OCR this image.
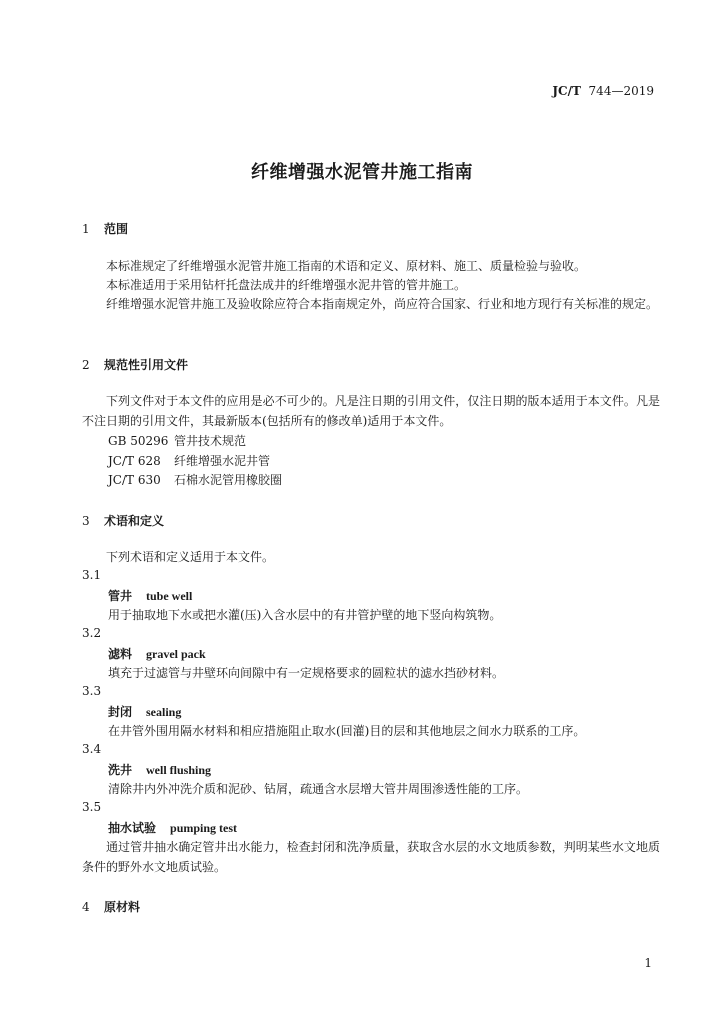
JC/T 744—2019
纤维增强水泥管井施工指南
1 范围
本标准规定了纤维增强水泥管井施工指南的术语和定义、原材料、施工、质量检验与验收。
本标准适用于采用钻杆托盘法成井的纤维增强水泥井管的管井施工。
纤维增强水泥管井施工及验收除应符合本指南规定外，尚应符合国家、行业和地方现行有关标准的规定。
2 规范性引用文件
下列文件对于本文件的应用是必不可少的。凡是注日期的引用文件，仅注日期的版本适用于本文件。凡是不注日期的引用文件，其最新版本(包括所有的修改单)适用于本文件。
GB 50296 管井技术规范
JC/T 628 纤维增强水泥井管
JC/T 630 石棉水泥管用橡胶圈
3 术语和定义
下列术语和定义适用于本文件。
3.1
管井 tube well
用于抽取地下水或把水灌(压)入含水层中的有井管护壁的地下竖向构筑物。
3.2
滤料 gravel pack
填充于过滤管与井壁环向间隙中有一定规格要求的圆粒状的滤水挡砂材料。
3.3
封闭 sealing
在井管外围用隔水材料和相应措施阻止取水(回灌)目的层和其他地层之间水力联系的工序。
3.4
洗井 well flushing
清除井内外冲洗介质和泥砂、钻屑，疏通含水层增大管井周围渗透性能的工序。
3.5
抽水试验 pumping test
通过管井抽水确定管井出水能力，检查封闭和洗净质量，获取含水层的水文地质参数，判明某些水文地质条件的野外水文地质试验。
4 原材料
1
